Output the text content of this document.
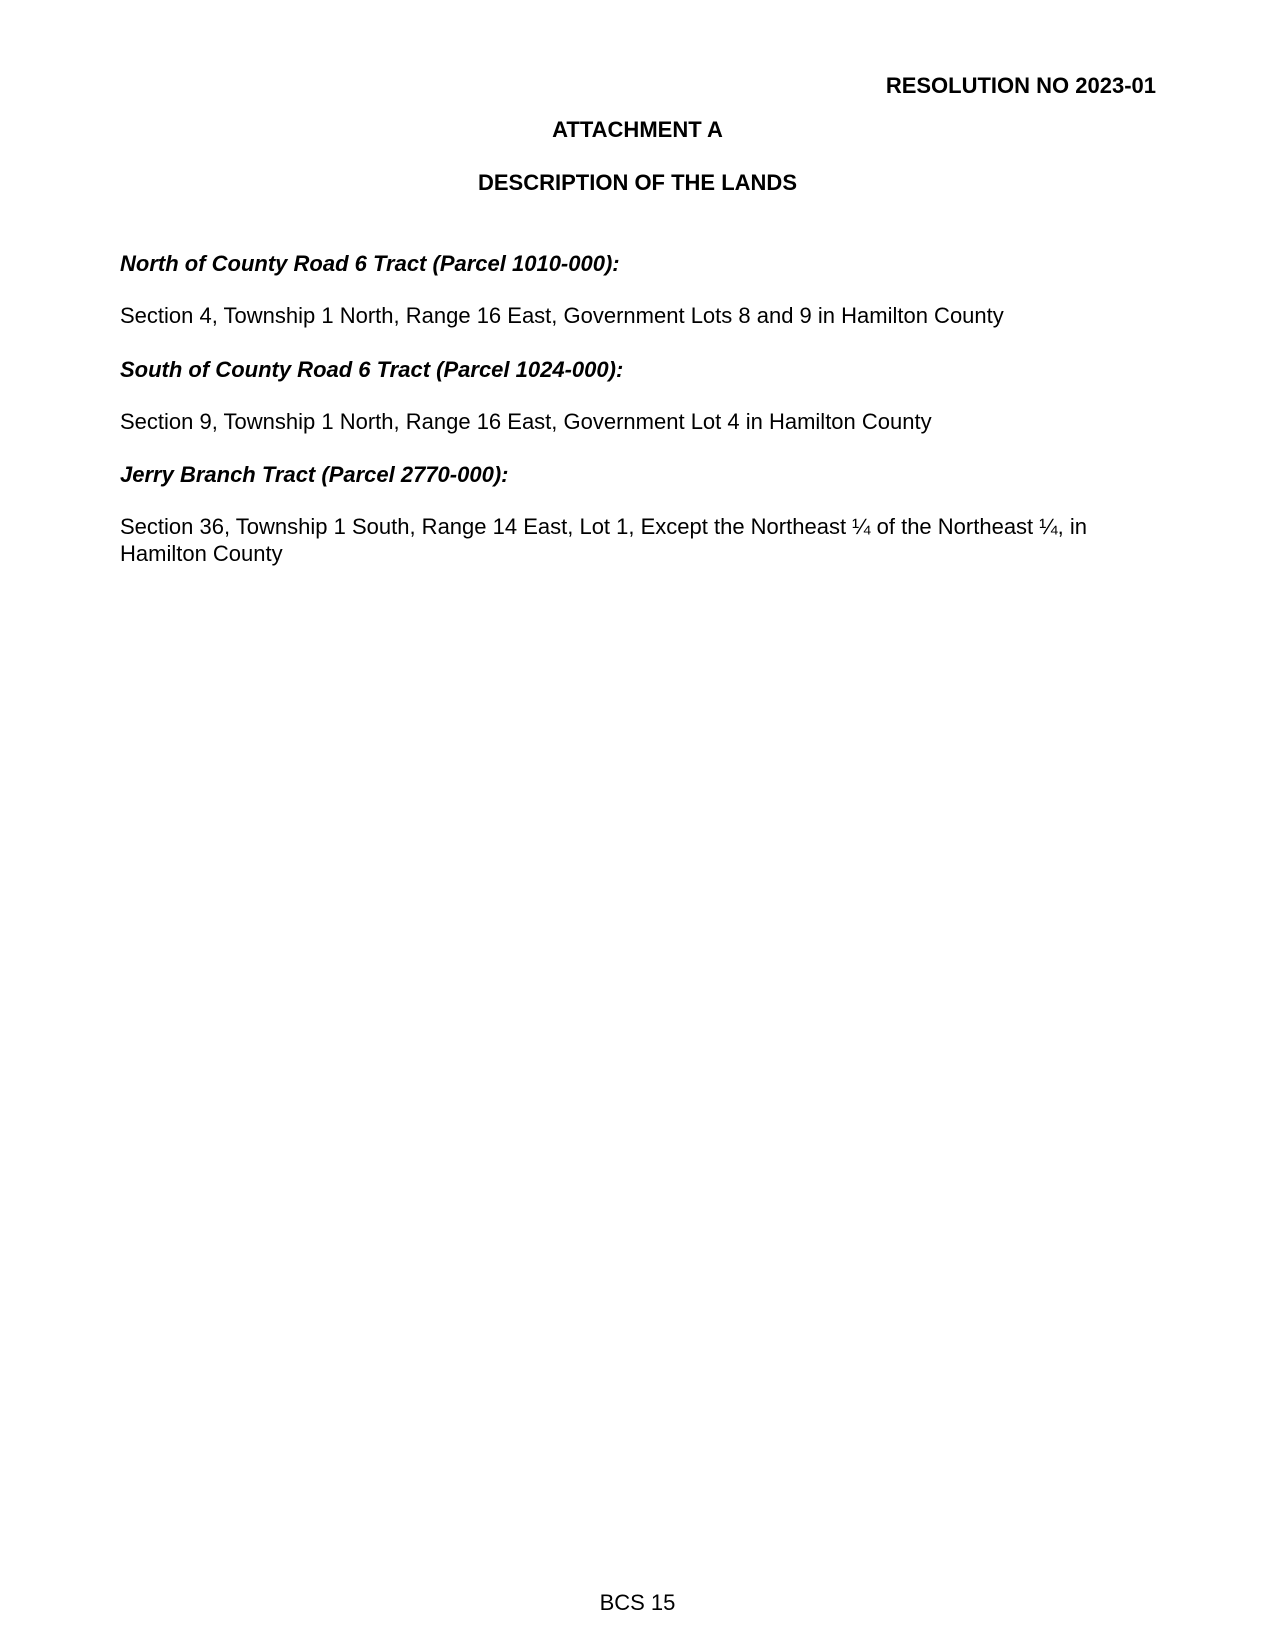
RESOLUTION NO 2023-01
ATTACHMENT A
DESCRIPTION OF THE LANDS

North of County Road 6 Tract (Parcel 1010-000):

Section 4, Township 1 North, Range 16 East, Government Lots 8 and 9 in Hamilton County

South of County Road 6 Tract (Parcel 1024-000):

Section 9, Township 1 North, Range 16 East, Government Lot 4 in Hamilton County

Jerry Branch Tract (Parcel 2770-000):

Section 36, Township 1 South, Range 14 East, Lot 1, Except the Northeast ¼ of the Northeast ¼, in Hamilton County

BCS 15
